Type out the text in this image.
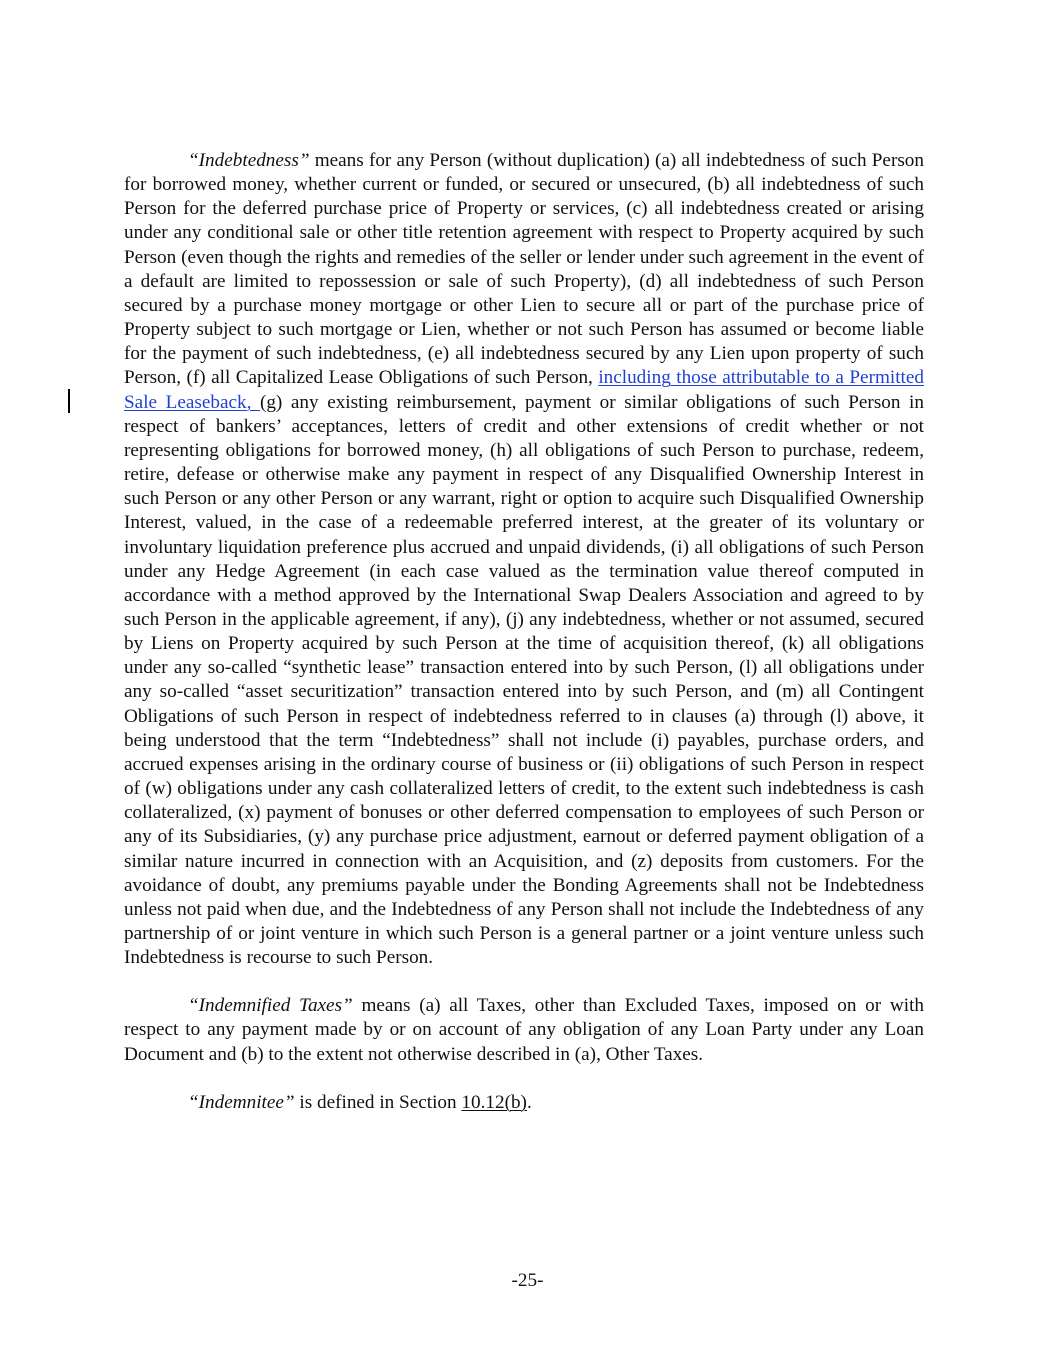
“Indebtedness” means for any Person (without duplication) (a) all indebtedness of such Person for borrowed money, whether current or funded, or secured or unsecured, (b) all indebtedness of such Person for the deferred purchase price of Property or services, (c) all indebtedness created or arising under any conditional sale or other title retention agreement with respect to Property acquired by such Person (even though the rights and remedies of the seller or lender under such agreement in the event of a default are limited to repossession or sale of such Property), (d) all indebtedness of such Person secured by a purchase money mortgage or other Lien to secure all or part of the purchase price of Property subject to such mortgage or Lien, whether or not such Person has assumed or become liable for the payment of such indebtedness, (e) all indebtedness secured by any Lien upon property of such Person, (f) all Capitalized Lease Obligations of such Person, including those attributable to a Permitted Sale Leaseback, (g) any existing reimbursement, payment or similar obligations of such Person in respect of bankers’ acceptances, letters of credit and other extensions of credit whether or not representing obligations for borrowed money, (h) all obligations of such Person to purchase, redeem, retire, defease or otherwise make any payment in respect of any Disqualified Ownership Interest in such Person or any other Person or any warrant, right or option to acquire such Disqualified Ownership Interest, valued, in the case of a redeemable preferred interest, at the greater of its voluntary or involuntary liquidation preference plus accrued and unpaid dividends, (i) all obligations of such Person under any Hedge Agreement (in each case valued as the termination value thereof computed in accordance with a method approved by the International Swap Dealers Association and agreed to by such Person in the applicable agreement, if any), (j) any indebtedness, whether or not assumed, secured by Liens on Property acquired by such Person at the time of acquisition thereof, (k) all obligations under any so-called “synthetic lease” transaction entered into by such Person, (l) all obligations under any so-called “asset securitization” transaction entered into by such Person, and (m) all Contingent Obligations of such Person in respect of indebtedness referred to in clauses (a) through (l) above, it being understood that the term “Indebtedness” shall not include (i) payables, purchase orders, and accrued expenses arising in the ordinary course of business or (ii) obligations of such Person in respect of (w) obligations under any cash collateralized letters of credit, to the extent such indebtedness is cash collateralized, (x) payment of bonuses or other deferred compensation to employees of such Person or any of its Subsidiaries, (y) any purchase price adjustment, earnout or deferred payment obligation of a similar nature incurred in connection with an Acquisition, and (z) deposits from customers. For the avoidance of doubt, any premiums payable under the Bonding Agreements shall not be Indebtedness unless not paid when due, and the Indebtedness of any Person shall not include the Indebtedness of any partnership of or joint venture in which such Person is a general partner or a joint venture unless such Indebtedness is recourse to such Person.

“Indemnified Taxes” means (a) all Taxes, other than Excluded Taxes, imposed on or with respect to any payment made by or on account of any obligation of any Loan Party under any Loan Document and (b) to the extent not otherwise described in (a), Other Taxes.

“Indemnitee” is defined in Section 10.12(b).

-25-
